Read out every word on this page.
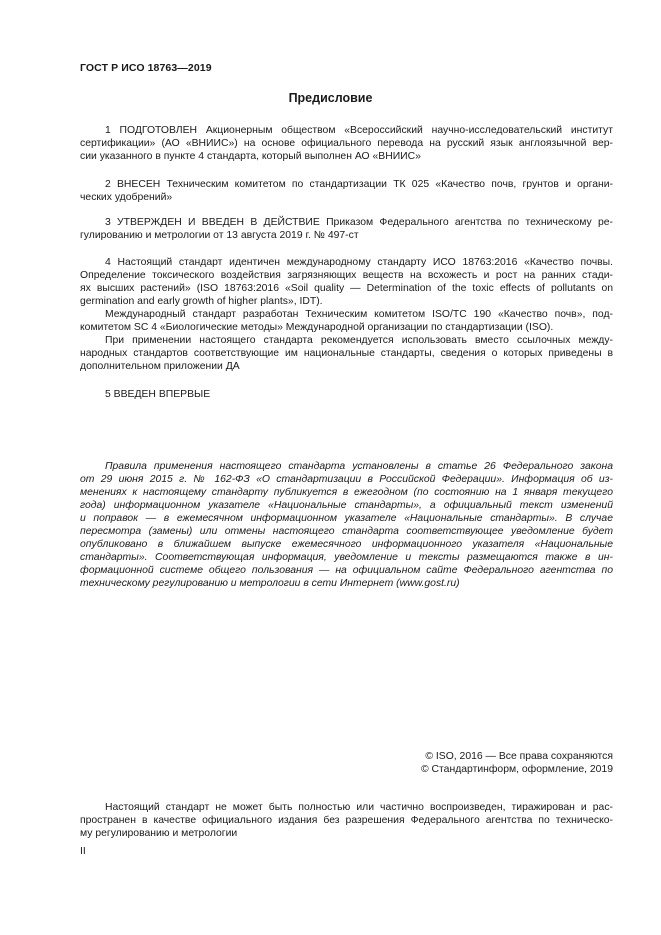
ГОСТ Р ИСО 18763—2019
Предисловие
1 ПОДГОТОВЛЕН Акционерным обществом «Всероссийский научно-исследовательский институт
сертификации» (АО «ВНИИС») на основе официального перевода на русский язык англоязычной вер-
сии указанного в пункте 4 стандарта, который выполнен АО «ВНИИС»
2 ВНЕСЕН Техническим комитетом по стандартизации ТК 025 «Качество почв, грунтов и органи-
ческих удобрений»
3 УТВЕРЖДЕН И ВВЕДЕН В ДЕЙСТВИЕ Приказом Федерального агентства по техническому ре-
гулированию и метрологии от 13 августа 2019 г. № 497-ст
4 Настоящий стандарт идентичен международному стандарту ИСО 18763:2016 «Качество почвы.
Определение токсического воздействия загрязняющих веществ на всхожесть и рост на ранних стади-
ях высших растений» (ISO 18763:2016 «Soil quality — Determination of the toxic effects of pollutants on
germination and early growth of higher plants», IDT).
Международный стандарт разработан Техническим комитетом ISO/TC 190 «Качество почв», под-
комитетом SC 4 «Биологические методы» Международной организации по стандартизации (ISO).
При применении настоящего стандарта рекомендуется использовать вместо ссылочных между-
народных стандартов соответствующие им национальные стандарты, сведения о которых приведены в
дополнительном приложении ДА
5 ВВЕДЕН ВПЕРВЫЕ
Правила применения настоящего стандарта установлены в статье 26 Федерального закона
от 29 июня 2015 г. № 162-ФЗ «О стандартизации в Российской Федерации». Информация об из-
менениях к настоящему стандарту публикуется в ежегодном (по состоянию на 1 января текущего
года) информационном указателе «Национальные стандарты», а официальный текст изменений
и поправок — в ежемесячном информационном указателе «Национальные стандарты». В случае
пересмотра (замены) или отмены настоящего стандарта соответствующее уведомление будет
опубликовано в ближайшем выпуске ежемесячного информационного указателя «Национальные
стандарты». Соответствующая информация, уведомление и тексты размещаются также в ин-
формационной системе общего пользования — на официальном сайте Федерального агентства по
техническому регулированию и метрологии в сети Интернет (www.gost.ru)
© ISO, 2016 — Все права сохраняются
© Стандартинформ, оформление, 2019
Настоящий стандарт не может быть полностью или частично воспроизведен, тиражирован и рас-
пространен в качестве официального издания без разрешения Федерального агентства по техническо-
му регулированию и метрологии
II
